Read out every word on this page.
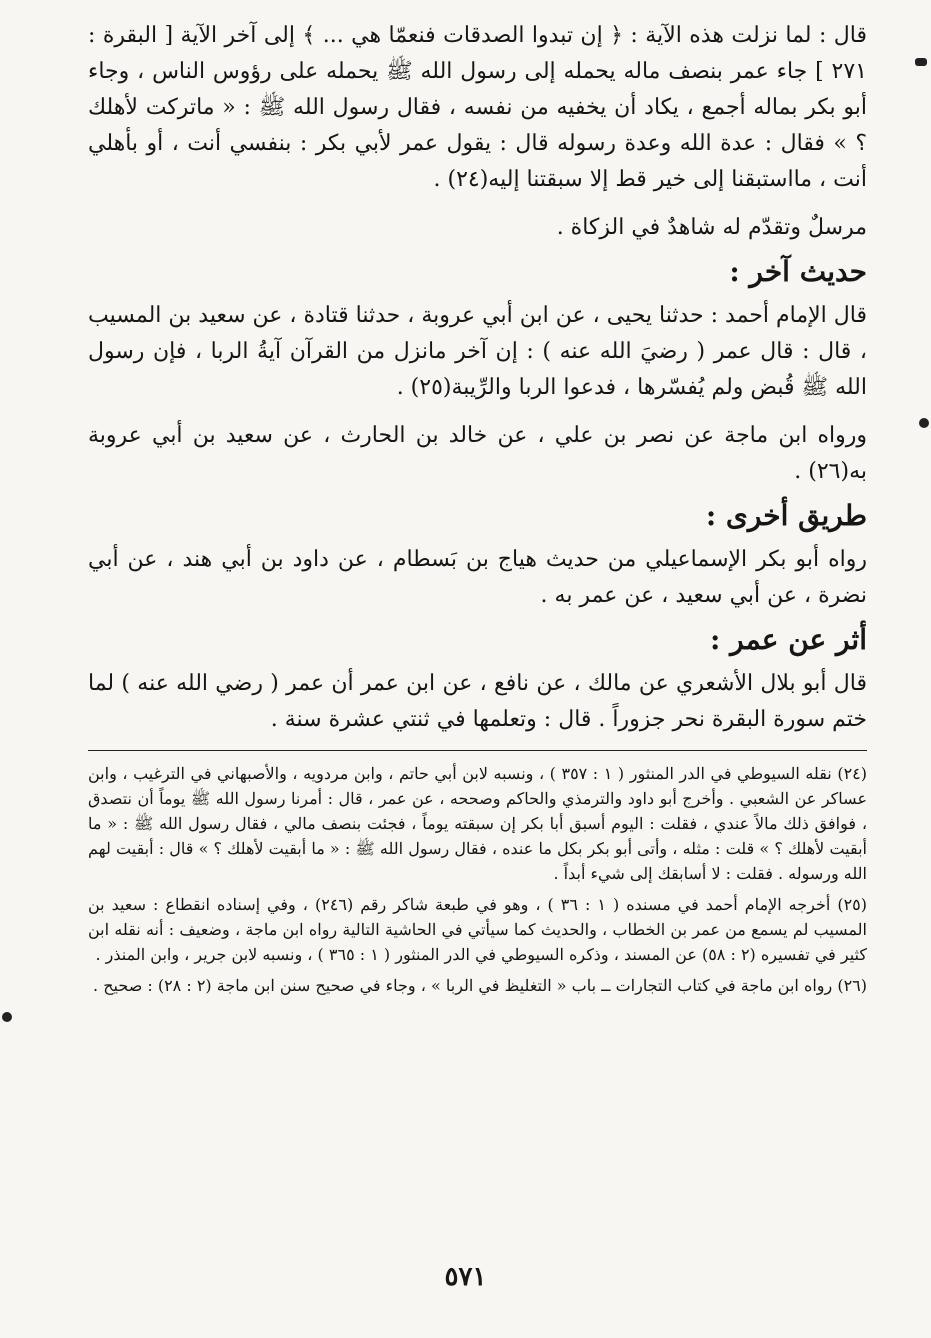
قال : لما نزلت هذه الآية : ﴿ إن تبدوا الصدقات فنعمّا هي ... ﴾ إلى آخر الآية [ البقرة : ٢٧١ ] جاء عمر بنصف ماله يحمله إلى رسول الله ﷺ يحمله على رؤوس الناس ، وجاء أبو بكر بماله أجمع ، يكاد أن يخفيه من نفسه ، فقال رسول الله ﷺ : « ماتركت لأهلك ؟ » فقال : عدة الله وعدة رسوله قال : يقول عمر لأبي بكر : بنفسي أنت ، أو بأهلي أنت ، مااستبقنا إلى خير قط إلا سبقتنا إليه(٢٤) .

مرسلٌ وتقدّم له شاهدٌ في الزكاة .

حديث آخر :

قال الإمام أحمد : حدثنا يحيى ، عن ابن أبي عروبة ، حدثنا قتادة ، عن سعيد بن المسيب ، قال : قال عمر ( رضيَ الله عنه ) : إن آخر مانزل من القرآن آيةُ الربا ، فإن رسول الله ﷺ قُبض ولم يُفسّرها ، فدعوا الربا والرِّيبة(٢٥) .

ورواه ابن ماجة عن نصر بن علي ، عن خالد بن الحارث ، عن سعيد بن أبي عروبة به(٢٦) .

طريق أخرى :

رواه أبو بكر الإسماعيلي من حديث هياج بن بَسطام ، عن داود بن أبي هند ، عن أبي نضرة ، عن أبي سعيد ، عن عمر به .

أثر عن عمر :

قال أبو بلال الأشعري عن مالك ، عن نافع ، عن ابن عمر أن عمر ( رضي الله عنه ) لما ختم سورة البقرة نحر جزوراً . قال : وتعلمها في ثنتي عشرة سنة .

(٢٤) نقله السيوطي في الدر المنثور ( ١ : ٣٥٧ ) ، ونسبه لابن أبي حاتم ، وابن مردويه ، والأصبهاني في الترغيب ، وابن عساكر عن الشعبي . وأخرج أبو داود والترمذي والحاكم وصححه ، عن عمر ، قال : أمرنا رسول الله ﷺ يوماً أن نتصدق ، فوافق ذلك مالاً عندي ، فقلت : اليوم أسبق أبا بكر إن سبقته يوماً ، فجئت بنصف مالي ، فقال رسول الله ﷺ : « ما أبقيت لأهلك ؟ » قلت : مثله ، وأتى أبو بكر بكل ما عنده ، فقال رسول الله ﷺ : « ما أبقيت لأهلك ؟ » قال : أبقيت لهم الله ورسوله . فقلت : لا أسابقك إلى شيء أبداً .

(٢٥) أخرجه الإمام أحمد في مسنده ( ١ : ٣٦ ) ، وهو في طبعة شاكر رقم (٢٤٦) ، وفي إسناده انقطاع : سعيد بن المسيب لم يسمع من عمر بن الخطاب ، والحديث كما سيأتي في الحاشية التالية رواه ابن ماجة ، وضعيف : أنه نقله ابن كثير في تفسيره (٢ : ٥٨) عن المسند ، وذكره السيوطي في الدر المنثور ( ١ : ٣٦٥ ) ، ونسبه لابن جرير ، وابن المنذر .

(٢٦) رواه ابن ماجة في كتاب التجارات ــ باب « التغليظ في الربا » ، وجاء في صحيح سنن ابن ماجة (٢ : ٢٨) : صحيح .

٥٧١
